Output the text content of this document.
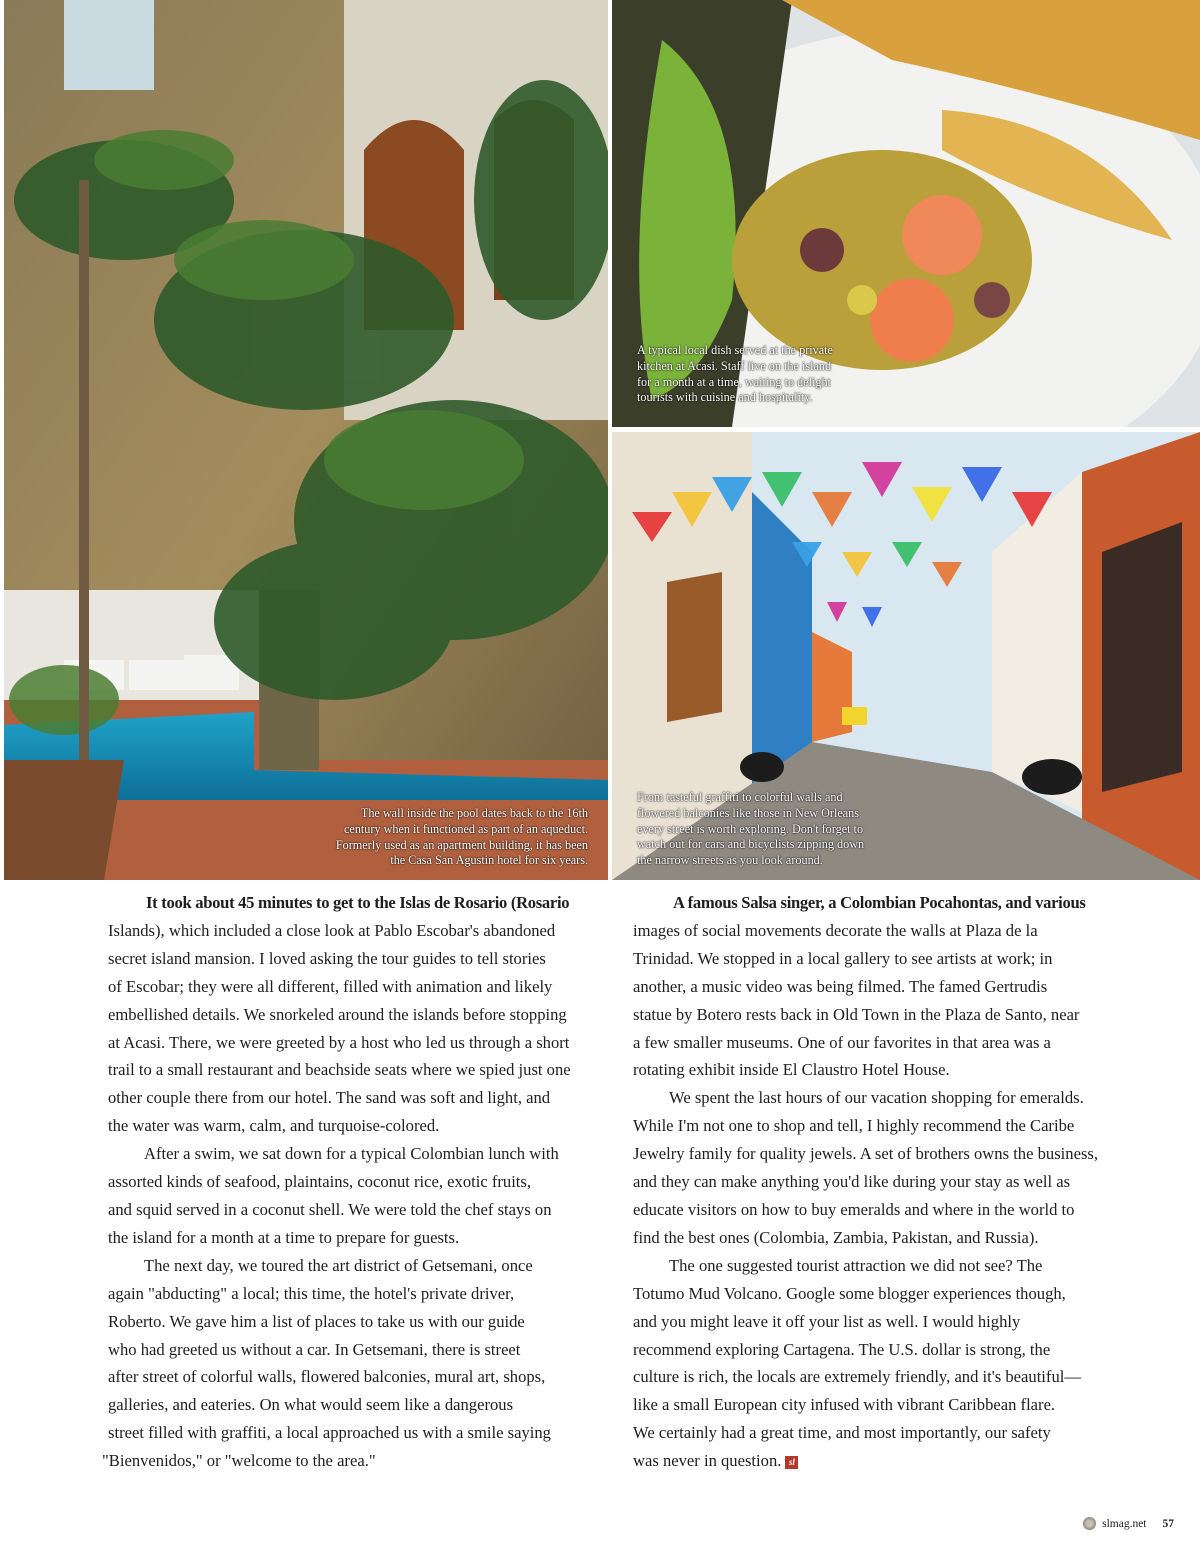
The wall inside the pool dates back to the 16th
century when it functioned as part of an aqueduct.
Formerly used as an apartment building, it has been
the Casa San Agustin hotel for six years.
A typical local dish served at the private
kitchen at Acasi. Staff live on the island
for a month at a time, waiting to delight
tourists with cuisine and hospitality.
From tasteful graffiti to colorful walls and
flowered balconies like those in New Orleans
every street is worth exploring. Don't forget to
watch out for cars and bicyclists zipping down
the narrow streets as you look around.
It took about 45 minutes to get to the Islas de Rosario (Rosario
Islands), which included a close look at Pablo Escobar's abandoned
secret island mansion. I loved asking the tour guides to tell stories
of Escobar; they were all different, filled with animation and likely
embellished details. We snorkeled around the islands before stopping
at Acasi. There, we were greeted by a host who led us through a short
trail to a small restaurant and beachside seats where we spied just one
other couple there from our hotel. The sand was soft and light, and
the water was warm, calm, and turquoise-colored.
After a swim, we sat down for a typical Colombian lunch with
assorted kinds of seafood, plaintains, coconut rice, exotic fruits,
and squid served in a coconut shell. We were told the chef stays on
the island for a month at a time to prepare for guests.
The next day, we toured the art district of Getsemani, once
again "abducting" a local; this time, the hotel's private driver,
Roberto. We gave him a list of places to take us with our guide
who had greeted us without a car. In Getsemani, there is street
after street of colorful walls, flowered balconies, mural art, shops,
galleries, and eateries. On what would seem like a dangerous
street filled with graffiti, a local approached us with a smile saying
"Bienvenidos," or "welcome to the area."
A famous Salsa singer, a Colombian Pocahontas, and various
images of social movements decorate the walls at Plaza de la
Trinidad. We stopped in a local gallery to see artists at work; in
another, a music video was being filmed. The famed Gertrudis
statue by Botero rests back in Old Town in the Plaza de Santo, near
a few smaller museums. One of our favorites in that area was a
rotating exhibit inside El Claustro Hotel House.
We spent the last hours of our vacation shopping for emeralds.
While I'm not one to shop and tell, I highly recommend the Caribe
Jewelry family for quality jewels. A set of brothers owns the business,
and they can make anything you'd like during your stay as well as
educate visitors on how to buy emeralds and where in the world to
find the best ones (Colombia, Zambia, Pakistan, and Russia).
The one suggested tourist attraction we did not see? The
Totumo Mud Volcano. Google some blogger experiences though,
and you might leave it off your list as well. I would highly
recommend exploring Cartagena. The U.S. dollar is strong, the
culture is rich, the locals are extremely friendly, and it's beautiful—
like a small European city infused with vibrant Caribbean flare.
We certainly had a great time, and most importantly, our safety
was never in question. sl
slmag.net 57
